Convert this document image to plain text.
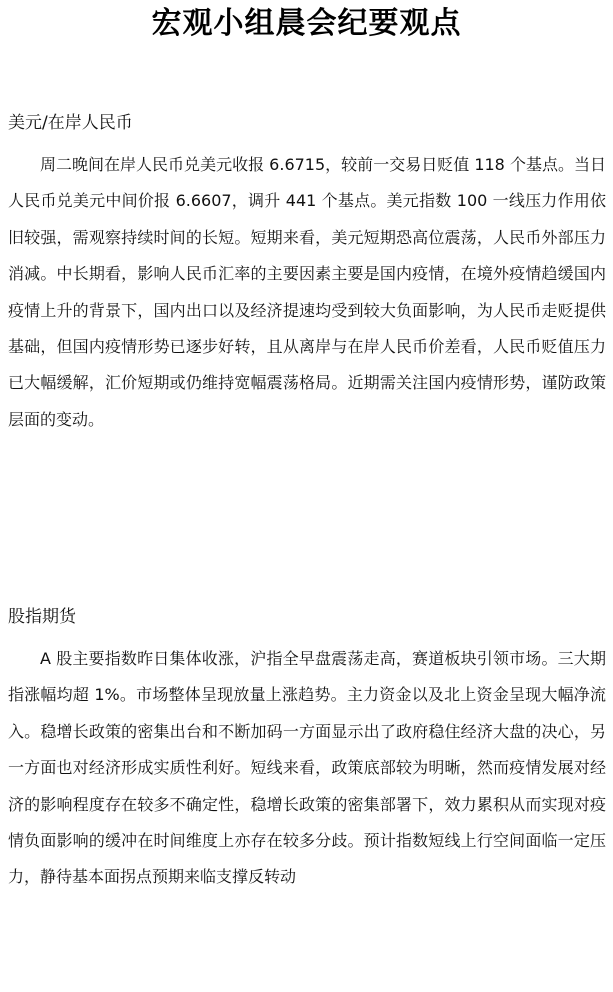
宏观小组晨会纪要观点
美元/在岸人民币

周二晚间在岸人民币兑美元收报 6.6715，较前一交易日贬值 118 个基点。当日人民币兑美元中间价报 6.6607，调升 441 个基点。美元指数 100 一线压力作用依旧较强，需观察持续时间的长短。短期来看，美元短期恐高位震荡，人民币外部压力消减。中长期看，影响人民币汇率的主要因素主要是国内疫情，在境外疫情趋缓国内疫情上升的背景下，国内出口以及经济提速均受到较大负面影响，为人民币走贬提供基础，但国内疫情形势已逐步好转，且从离岸与在岸人民币价差看，人民币贬值压力已大幅缓解，汇价短期或仍维持宽幅震荡格局。近期需关注国内疫情形势，谨防政策层面的变动。

股指期货

A 股主要指数昨日集体收涨，沪指全早盘震荡走高，赛道板块引领市场。三大期指涨幅均超 1%。市场整体呈现放量上涨趋势。主力资金以及北上资金呈现大幅净流入。稳增长政策的密集出台和不断加码一方面显示出了政府稳住经济大盘的决心，另一方面也对经济形成实质性利好。短线来看，政策底部较为明晰，然而疫情发展对经济的影响程度存在较多不确定性，稳增长政策的密集部署下，效力累积从而实现对疫情负面影响的缓冲在时间维度上亦存在较多分歧。预计指数短线上行空间面临一定压力，静待基本面拐点预期来临支撑反转动
